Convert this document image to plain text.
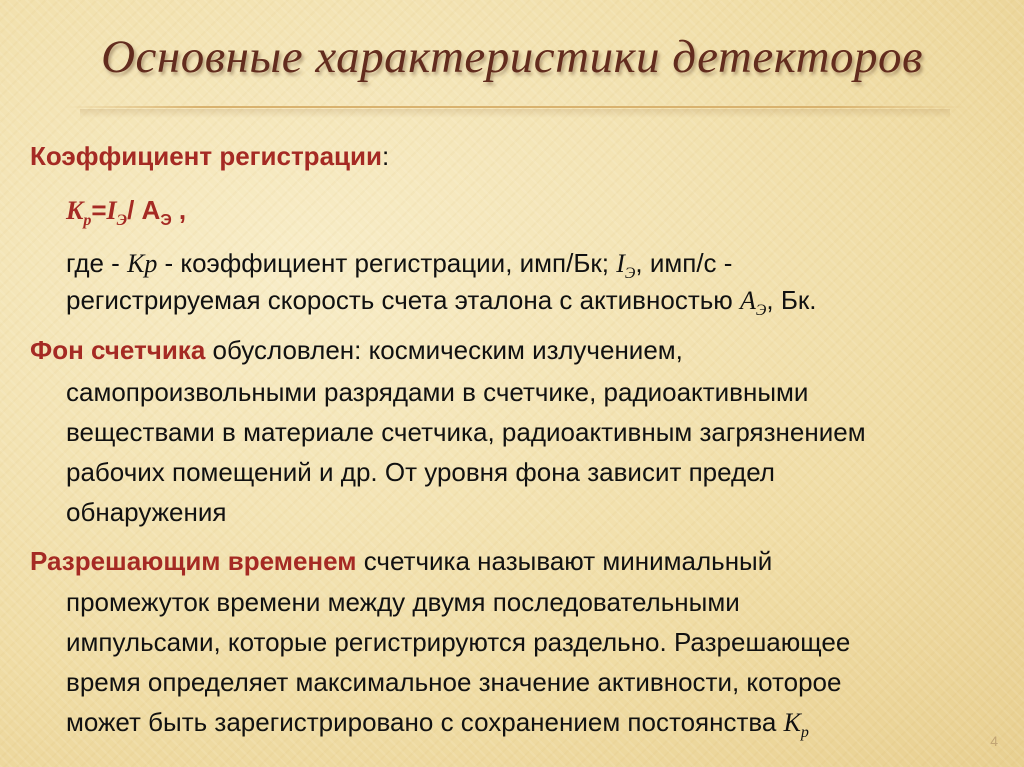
Основные характеристики детекторов
Коэффициент регистрации:
$K_р=I_Э/$ $А_Э$ ,
где - Кр - коэффициент регистрации, имп/Бк; $I_Э$, имп/с -
регистрируемая скорость счета эталона с активностью $А_Э$, Бк.
Фон счетчика обусловлен: космическим излучением,
самопроизвольными разрядами в счетчике, радиоактивными
веществами в материале счетчика, радиоактивным загрязнением
рабочих помещений и др. От уровня фона зависит предел
обнаружения
Разрешающим временем счетчика называют минимальный
промежуток времени между двумя последовательными
импульсами, которые регистрируются раздельно. Разрешающее
время определяет максимальное значение активности, которое
может быть зарегистрировано с сохранением постоянства $К_р$	4
